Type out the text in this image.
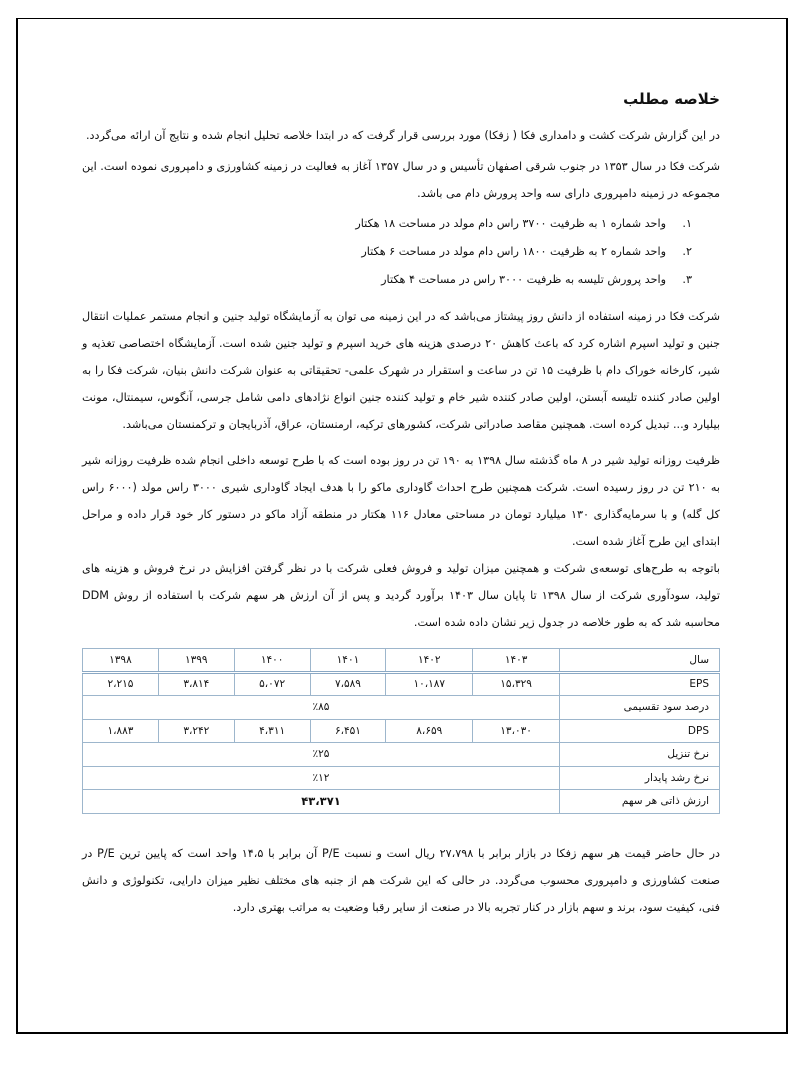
خلاصه مطلب

در این گزارش شرکت کشت و دامداری فکا ( زفکا) مورد بررسی قرار گرفت که در ابتدا خلاصه تحلیل انجام شده و نتایج آن ارائه می‌گردد.

شرکت فکا در سال ۱۳۵۳ در جنوب شرقی اصفهان تأسیس و در سال ۱۳۵۷ آغاز به فعالیت در زمینه کشاورزی و دامپروری نموده است. این مجموعه در زمینه دامپروری دارای سه واحد پرورش دام می باشد.

۱.
واحد شماره ۱ به ظرفیت ۳۷۰۰ راس دام مولد در مساحت ۱۸ هکتار
۲.
واحد شماره ۲ به ظرفیت ۱۸۰۰ راس دام مولد در مساحت ۶ هکتار
۳.
واحد پرورش تلیسه به ظرفیت ۳۰۰۰ راس در مساحت ۴ هکتار

شرکت فکا در زمینه استفاده از دانش روز پیشتاز می‌باشد که در این زمینه می توان به آزمایشگاه تولید جنین و انجام مستمر عملیات انتقال جنین و تولید اسپرم اشاره کرد که باعث کاهش ۲۰ درصدی هزینه های خرید اسپرم و تولید جنین شده است. آزمایشگاه اختصاصی تغذیه و شیر، کارخانه خوراک دام با ظرفیت ۱۵ تن در ساعت و استقرار در شهرک علمی- تحقیقاتی به عنوان شرکت دانش بنیان، شرکت فکا را به اولین صادر کننده تلیسه آبستن، اولین صادر کننده شیر خام و تولید کننده جنین انواع نژادهای دامی شامل جرسی، آنگوس، سیمنتال، مونت بیلیارد و... تبدیل کرده است. همچنین مقاصد صادراتی شرکت، کشورهای ترکیه، ارمنستان، عراق، آذربایجان و ترکمنستان می‌باشد.

ظرفیت روزانه تولید شیر در ۸ ماه گذشته سال ۱۳۹۸ به ۱۹۰ تن در روز بوده است که با طرح توسعه داخلی انجام شده ظرفیت روزانه شیر به ۲۱۰ تن در روز رسیده است. شرکت همچنین طرح احداث گاوداری ماکو را با هدف ایجاد گاوداری شیری ۳۰۰۰ راس مولد (۶۰۰۰ راس کل گله) و با سرمایه‌گذاری ۱۳۰ میلیارد تومان در مساحتی معادل ۱۱۶ هکتار در منطقه آزاد ماکو در دستور کار خود قرار داده و مراحل ابتدای این طرح آغاز شده است.

باتوجه به طرح‌های توسعه‌ی شرکت و همچنین میزان تولید و فروش فعلی شرکت با در نظر گرفتن افزایش در نرخ فروش و هزینه های تولید، سودآوری شرکت از سال ۱۳۹۸ تا پایان سال ۱۴۰۳ برآورد گردید و پس از آن ارزش هر سهم شرکت با استفاده از روش DDM محاسبه شد که به طور خلاصه در جدول زیر نشان داده شده است.

سال	۱۴۰۳	۱۴۰۲	۱۴۰۱	۱۴۰۰	۱۳۹۹	۱۳۹۸
EPS	۱۵،۳۲۹	۱۰،۱۸۷	۷،۵۸۹	۵،۰۷۲	۳،۸۱۴	۲،۲۱۵
درصد سود تقسیمی	٪۸۵					
DPS	۱۳،۰۳۰	۸،۶۵۹	۶،۴۵۱	۴،۳۱۱	۳،۲۴۲	۱،۸۸۳
نرخ تنزیل	٪۲۵					
نرخ رشد پایدار	٪۱۲					
ارزش ذاتی هر سهم	۴۳،۳۷۱					

در حال حاضر قیمت هر سهم زفکا در بازار برابر با ۲۷،۷۹۸ ریال است و نسبت P/E آن برابر با ۱۴،۵ واحد است که پایین ترین P/E در صنعت کشاورزی و دامپروری محسوب می‌گردد. در حالی که این شرکت هم از جنبه های مختلف نظیر میزان دارایی، تکنولوژی و دانش فنی، کیفیت سود، برند و سهم بازار در کنار تجربه بالا در صنعت از سایر رقبا وضعیت به مراتب بهتری دارد.
